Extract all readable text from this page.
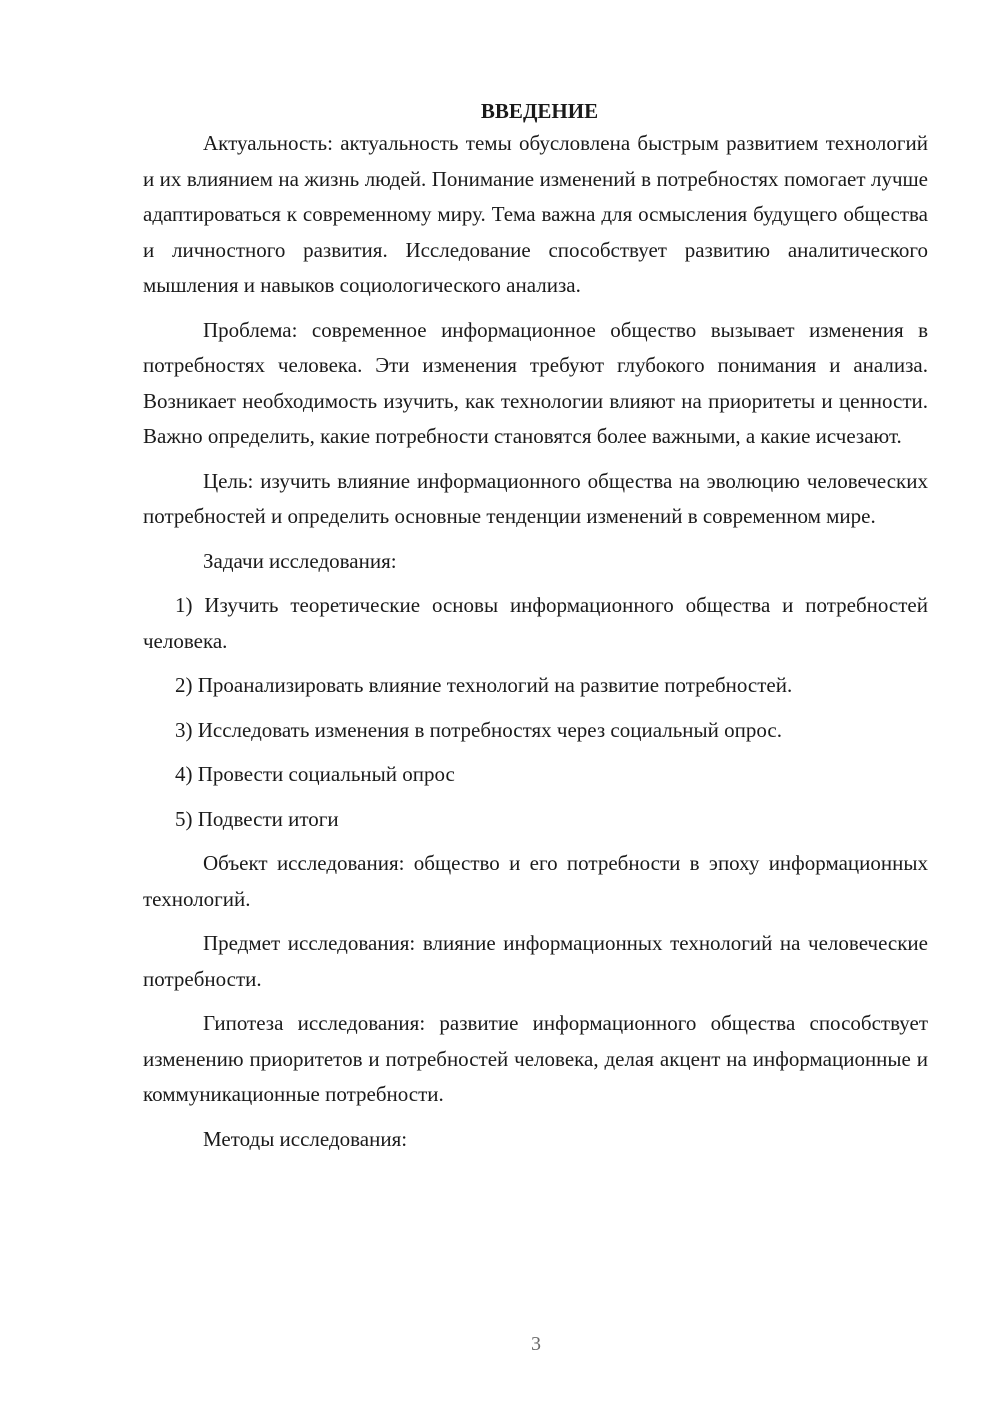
ВВЕДЕНИЕ

Актуальность: актуальность темы обусловлена быстрым развитием технологий и их влиянием на жизнь людей. Понимание изменений в потребностях помогает лучше адаптироваться к современному миру. Тема важна для осмысления будущего общества и личностного развития. Исследование способствует развитию аналитического мышления и навыков социологического анализа.

Проблема: современное информационное общество вызывает изменения в потребностях человека. Эти изменения требуют глубокого понимания и анализа. Возникает необходимость изучить, как технологии влияют на приоритеты и ценности. Важно определить, какие потребности становятся более важными, а какие исчезают.

Цель: изучить влияние информационного общества на эволюцию человеческих потребностей и определить основные тенденции изменений в современном мире.

Задачи исследования:

1) Изучить теоретические основы информационного общества и потребностей человека.

2) Проанализировать влияние технологий на развитие потребностей.

3) Исследовать изменения в потребностях через социальный опрос.

4) Провести социальный опрос

5) Подвести итоги

Объект исследования: общество и его потребности в эпоху информационных технологий.

Предмет исследования: влияние информационных технологий на человеческие потребности.

Гипотеза исследования: развитие информационного общества способствует изменению приоритетов и потребностей человека, делая акцент на информационные и коммуникационные потребности.

Методы исследования:

3
